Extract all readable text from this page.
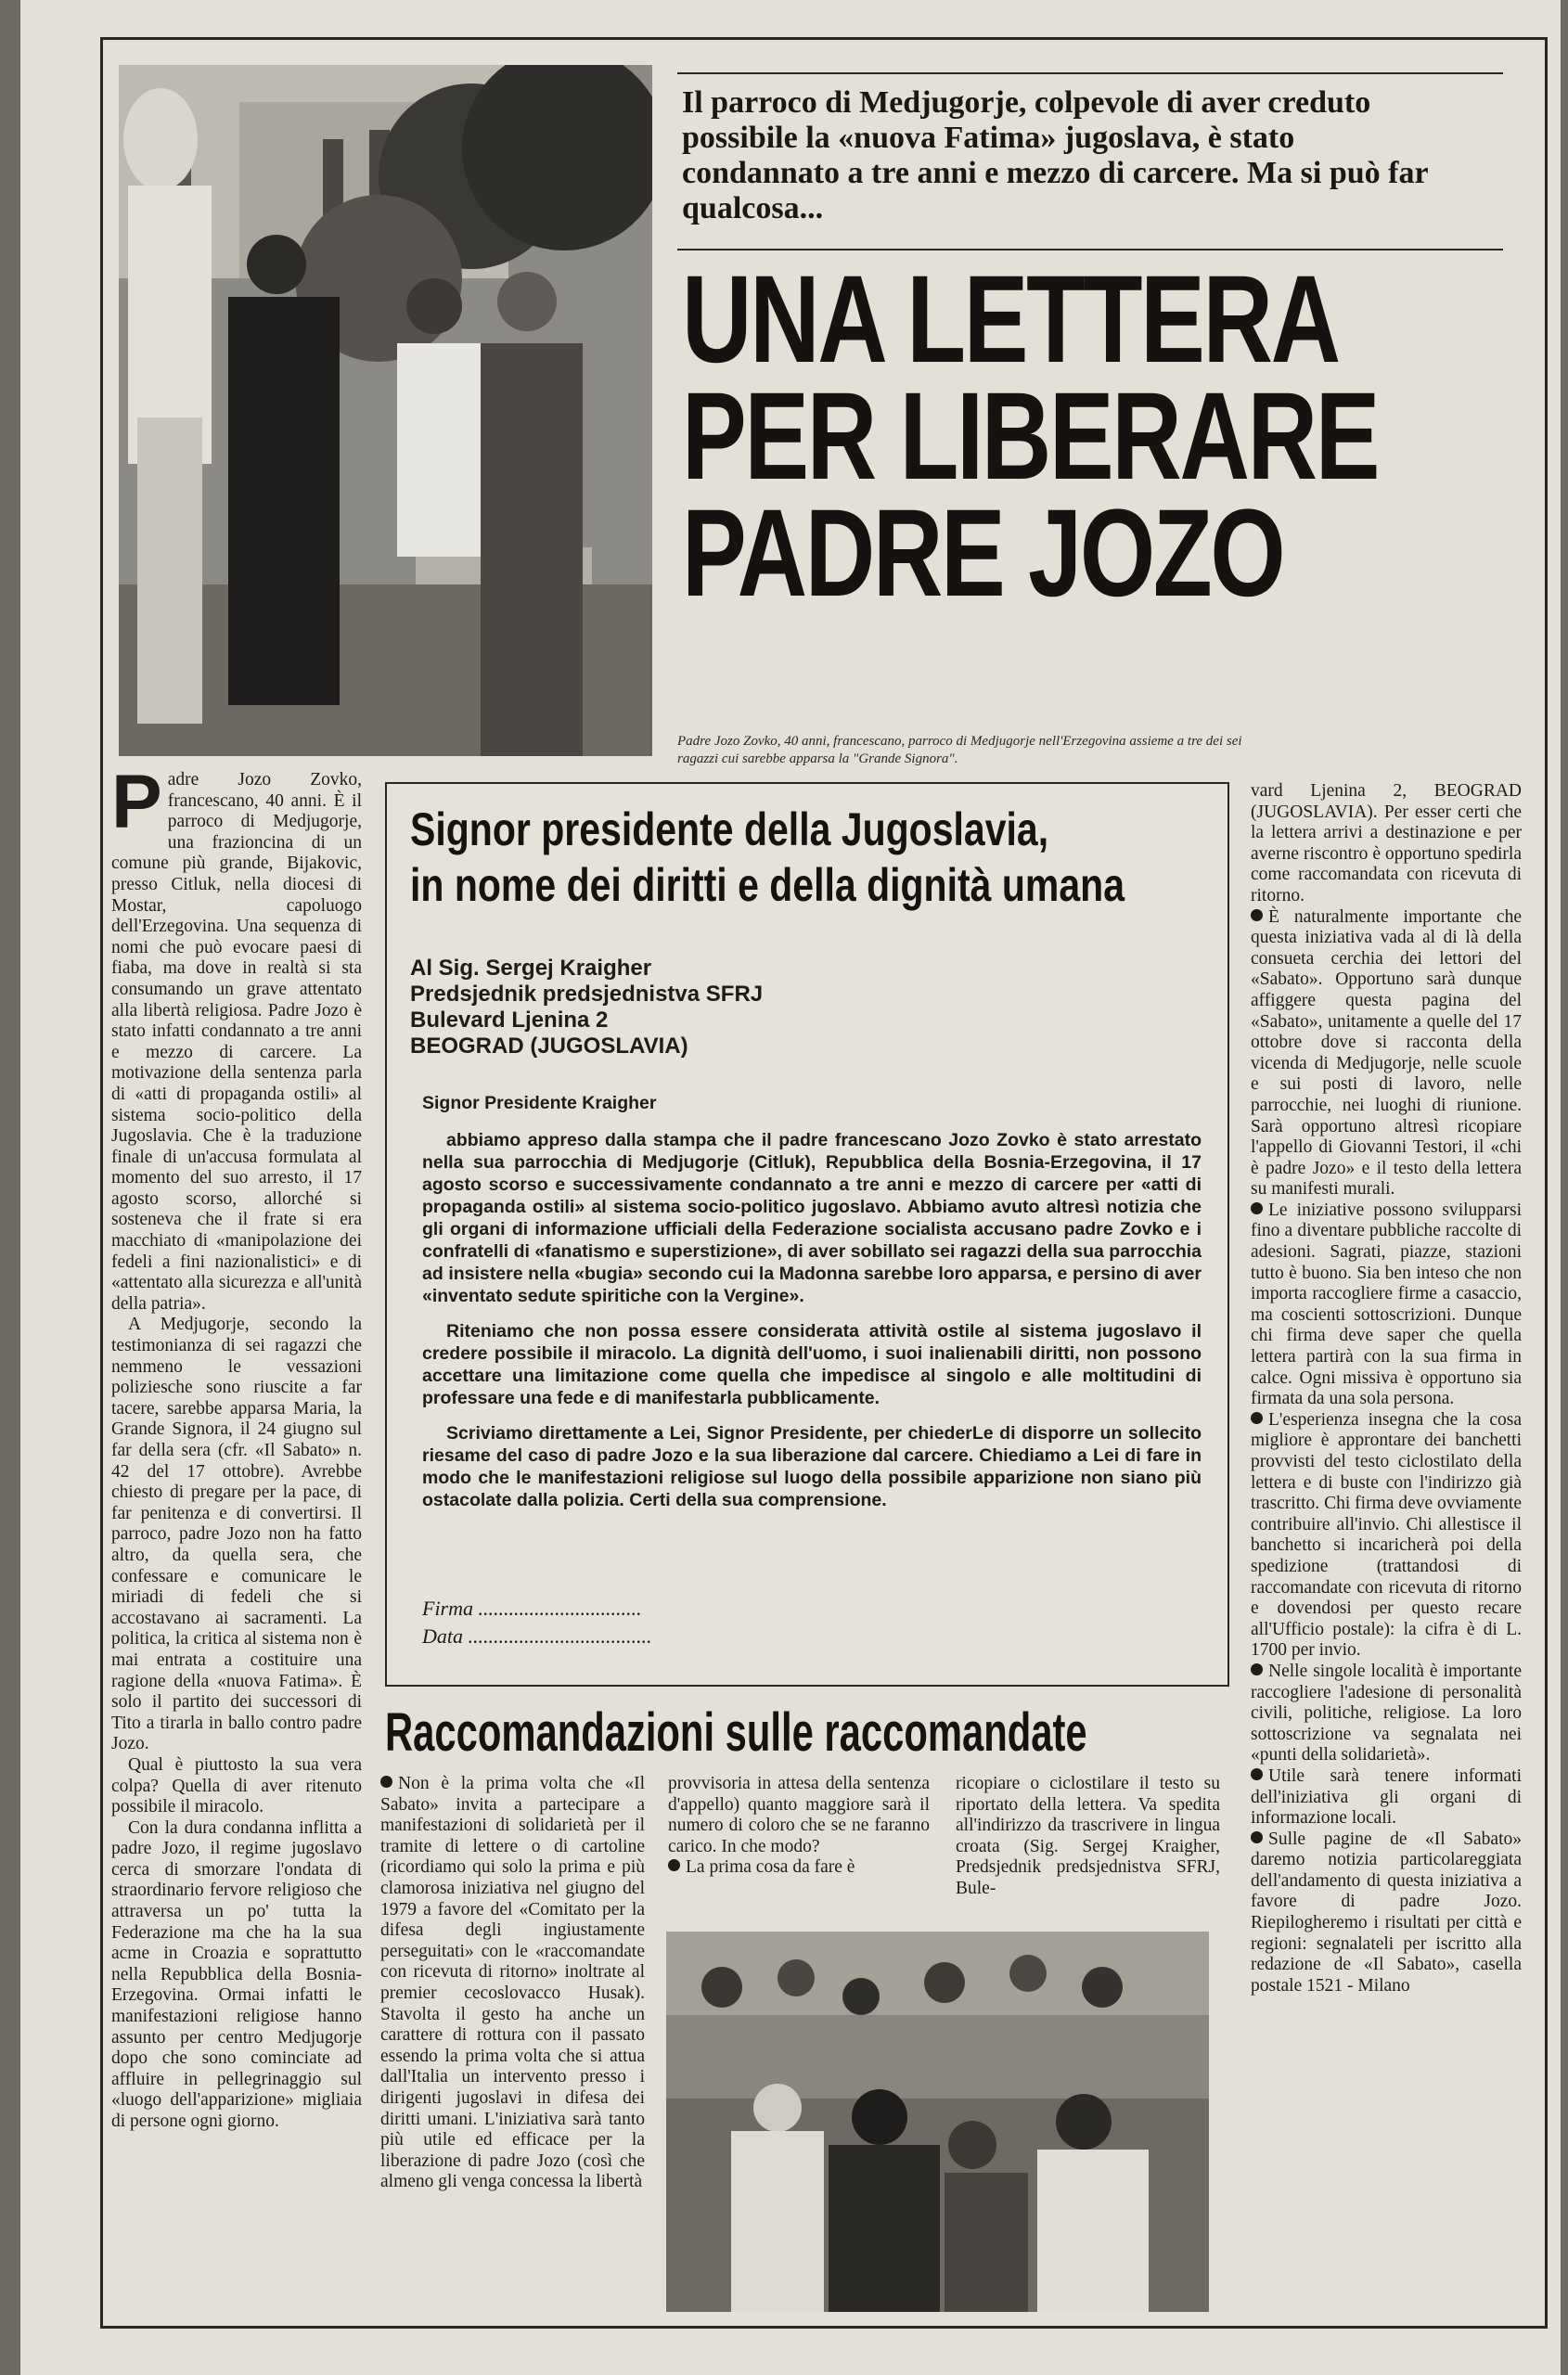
Il parroco di Medjugorje, colpevole di aver creduto possibile la «nuova Fatima» jugoslava, è stato condannato a tre anni e mezzo di carcere. Ma si può far qualcosa...
UNA LETTERA
PER LIBERARE
PADRE JOZO
Padre Jozo Zovko, 40 anni, francescano, parroco di Medjugorje nell'Erzegovina assieme a tre dei sei ragazzi cui sarebbe apparsa la "Grande Signora".
P adre Jozo Zovko, francescano, 40 anni. È il parroco di Medjugorje, una frazioncina di un comune più grande, Bijakovic, presso Citluk, nella diocesi di Mostar, capoluogo dell'Erzegovina. Una sequenza di nomi che può evocare paesi di fiaba, ma dove in realtà si sta consumando un grave attentato alla libertà religiosa. Padre Jozo è stato infatti condannato a tre anni e mezzo di carcere. La motivazione della sentenza parla di «atti di propaganda ostili» al sistema socio-politico della Jugoslavia. Che è la traduzione finale di un'accusa formulata al momento del suo arresto, il 17 agosto scorso, allorché si sosteneva che il frate si era macchiato di «manipolazione dei fedeli a fini nazionalistici» e di «attentato alla sicurezza e all'unità della patria».

A Medjugorje, secondo la testimonianza di sei ragazzi che nemmeno le vessazioni poliziesche sono riuscite a far tacere, sarebbe apparsa Maria, la Grande Signora, il 24 giugno sul far della sera (cfr. «Il Sabato» n. 42 del 17 ottobre). Avrebbe chiesto di pregare per la pace, di far penitenza e di convertirsi. Il parroco, padre Jozo non ha fatto altro, da quella sera, che confessare e comunicare le miriadi di fedeli che si accostavano ai sacramenti. La politica, la critica al sistema non è mai entrata a costituire una ragione della «nuova Fatima». È solo il partito dei successori di Tito a tirarla in ballo contro padre Jozo.

Qual è piuttosto la sua vera colpa? Quella di aver ritenuto possibile il miracolo.

Con la dura condanna inflitta a padre Jozo, il regime jugoslavo cerca di smorzare l'ondata di straordinario fervore religioso che attraversa un po' tutta la Federazione ma che ha la sua acme in Croazia e soprattutto nella Repubblica della Bosnia-Erzegovina. Ormai infatti le manifestazioni religiose hanno assunto per centro Medjugorje dopo che sono cominciate ad affluire in pellegrinaggio sul «luogo dell'apparizione» migliaia di persone ogni giorno.

Signor presidente della Jugoslavia,
in nome dei diritti e della dignità umana
Al Sig. Sergej Kraigher
Predsjednik predsjednistva SFRJ
Bulevard Ljenina 2
BEOGRAD (JUGOSLAVIA)
Signor Presidente Kraigher

abbiamo appreso dalla stampa che il padre francescano Jozo Zovko è stato arrestato nella sua parrocchia di Medjugorje (Citluk), Repubblica della Bosnia-Erzegovina, il 17 agosto scorso e successivamente condannato a tre anni e mezzo di carcere per «atti di propaganda ostili» al sistema socio-politico jugoslavo. Abbiamo avuto altresì notizia che gli organi di informazione ufficiali della Federazione socialista accusano padre Zovko e i confratelli di «fanatismo e superstizione», di aver sobillato sei ragazzi della sua parrocchia ad insistere nella «bugia» secondo cui la Madonna sarebbe loro apparsa, e persino di aver «inventato sedute spiritiche con la Vergine».

Riteniamo che non possa essere considerata attività ostile al sistema jugoslavo il credere possibile il miracolo. La dignità dell'uomo, i suoi inalienabili diritti, non possono accettare una limitazione come quella che impedisce al singolo e alle moltitudini di professare una fede e di manifestarla pubblicamente.

Scriviamo direttamente a Lei, Signor Presidente, per chiederLe di disporre un sollecito riesame del caso di padre Jozo e la sua liberazione dal carcere. Chiediamo a Lei di fare in modo che le manifestazioni religiose sul luogo della possibile apparizione non siano più ostacolate dalla polizia. Certi della sua comprensione.

Firma ................................
Data ....................................
Raccomandazioni sulle raccomandate

Non è la prima volta che «Il Sabato» invita a partecipare a manifestazioni di solidarietà per il tramite di lettere o di cartoline (ricordiamo qui solo la prima e più clamorosa iniziativa nel giugno del 1979 a favore del «Comitato per la difesa degli ingiustamente perseguitati» con le «raccomandate con ricevuta di ritorno» inoltrate al premier cecoslovacco Husak). Stavolta il gesto ha anche un carattere di rottura con il passato essendo la prima volta che si attua dall'Italia un intervento presso i dirigenti jugoslavi in difesa dei diritti umani. L'iniziativa sarà tanto più utile ed efficace per la liberazione di padre Jozo (così che almeno gli venga concessa la libertà

provvisoria in attesa della sentenza d'appello) quanto maggiore sarà il numero di coloro che se ne faranno carico. In che modo?

La prima cosa da fare è

ricopiare o ciclostilare il testo su riportato della lettera. Va spedita all'indirizzo da trascrivere in lingua croata (Sig. Sergej Kraigher, Predsjednik predsjednistva SFRJ, Bule-

vard Ljenina 2, BEOGRAD (JUGOSLAVIA). Per esser certi che la lettera arrivi a destinazione e per averne riscontro è opportuno spedirla come raccomandata con ricevuta di ritorno.

È naturalmente importante che questa iniziativa vada al di là della consueta cerchia dei lettori del «Sabato». Opportuno sarà dunque affiggere questa pagina del «Sabato», unitamente a quelle del 17 ottobre dove si racconta della vicenda di Medjugorje, nelle scuole e sui posti di lavoro, nelle parrocchie, nei luoghi di riunione. Sarà opportuno altresì ricopiare l'appello di Giovanni Testori, il «chi è padre Jozo» e il testo della lettera su manifesti murali.

Le iniziative possono svilupparsi fino a diventare pubbliche raccolte di adesioni. Sagrati, piazze, stazioni tutto è buono. Sia ben inteso che non importa raccogliere firme a casaccio, ma coscienti sottoscrizioni. Dunque chi firma deve saper che quella lettera partirà con la sua firma in calce. Ogni missiva è opportuno sia firmata da una sola persona.

L'esperienza insegna che la cosa migliore è approntare dei banchetti provvisti del testo ciclostilato della lettera e di buste con l'indirizzo già trascritto. Chi firma deve ovviamente contribuire all'invio. Chi allestisce il banchetto si incaricherà poi della spedizione (trattandosi di raccomandate con ricevuta di ritorno e dovendosi per questo recare all'Ufficio postale): la cifra è di L. 1700 per invio.

Nelle singole località è importante raccogliere l'adesione di personalità civili, politiche, religiose. La loro sottoscrizione va segnalata nei «punti della solidarietà».

Utile sarà tenere informati dell'iniziativa gli organi di informazione locali.

Sulle pagine de «Il Sabato» daremo notizia particolareggiata dell'andamento di questa iniziativa a favore di padre Jozo. Riepilogheremo i risultati per città e regioni: segnalateli per iscritto alla redazione de «Il Sabato», casella postale 1521 - Milano
